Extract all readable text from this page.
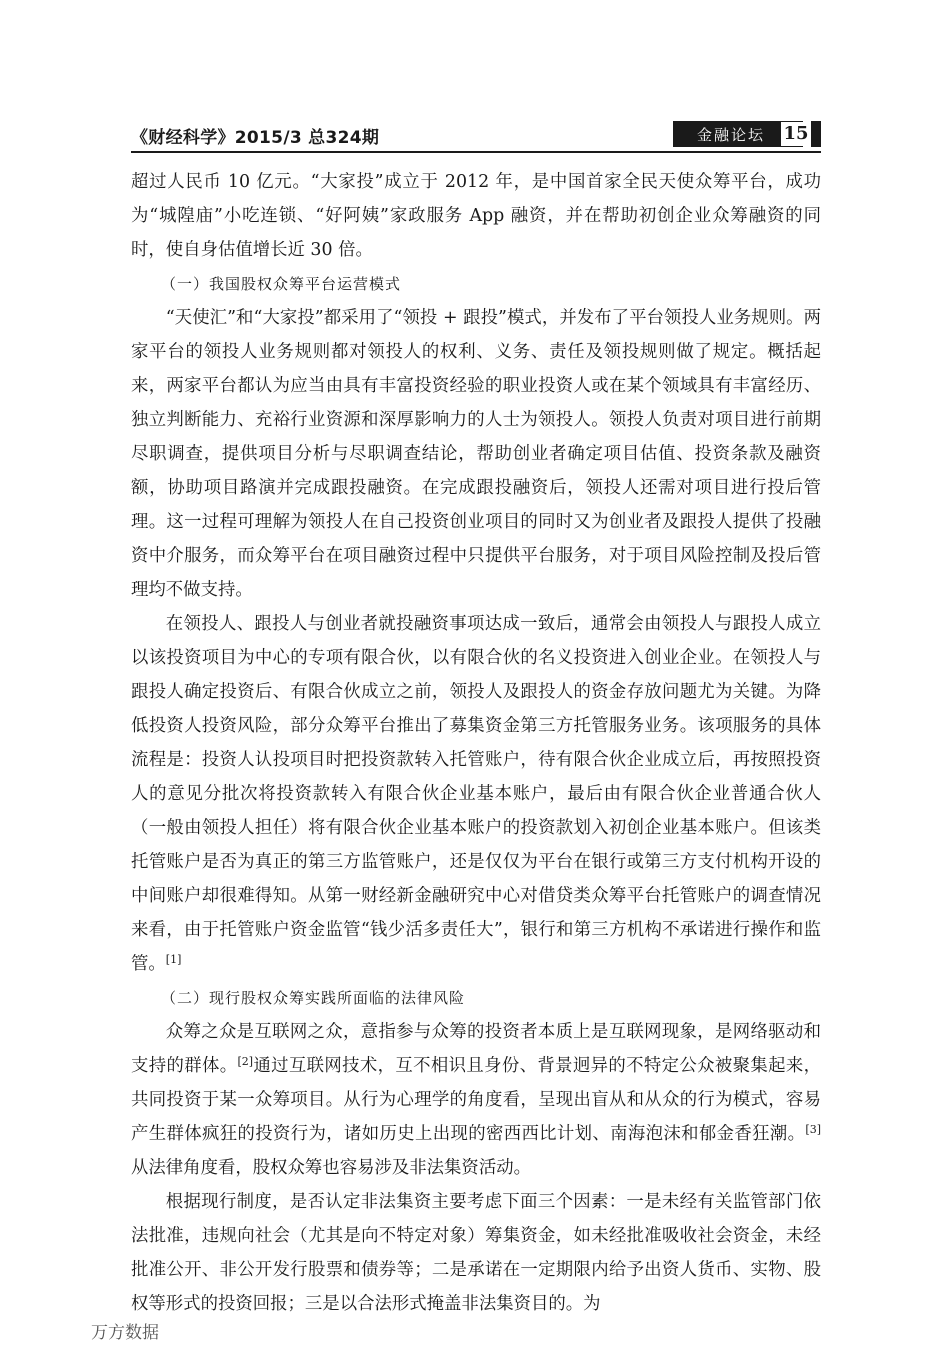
《财经科学》2015/3 总324期	金融论坛	15

超过人民币 10 亿元。“大家投”成立于 2012 年，是中国首家全民天使众筹平台，成功为“城隍庙”小吃连锁、“好阿姨”家政服务 App 融资，并在帮助初创企业众筹融资的同时，使自身估值增长近 30 倍。

（一）我国股权众筹平台运营模式

“天使汇”和“大家投”都采用了“领投 + 跟投”模式，并发布了平台领投人业务规则。两家平台的领投人业务规则都对领投人的权利、义务、责任及领投规则做了规定。概括起来，两家平台都认为应当由具有丰富投资经验的职业投资人或在某个领域具有丰富经历、独立判断能力、充裕行业资源和深厚影响力的人士为领投人。领投人负责对项目进行前期尽职调查，提供项目分析与尽职调查结论，帮助创业者确定项目估值、投资条款及融资额，协助项目路演并完成跟投融资。在完成跟投融资后，领投人还需对项目进行投后管理。这一过程可理解为领投人在自己投资创业项目的同时又为创业者及跟投人提供了投融资中介服务，而众筹平台在项目融资过程中只提供平台服务，对于项目风险控制及投后管理均不做支持。

在领投人、跟投人与创业者就投融资事项达成一致后，通常会由领投人与跟投人成立以该投资项目为中心的专项有限合伙，以有限合伙的名义投资进入创业企业。在领投人与跟投人确定投资后、有限合伙成立之前，领投人及跟投人的资金存放问题尤为关键。为降低投资人投资风险，部分众筹平台推出了募集资金第三方托管服务业务。该项服务的具体流程是：投资人认投项目时把投资款转入托管账户，待有限合伙企业成立后，再按照投资人的意见分批次将投资款转入有限合伙企业基本账户，最后由有限合伙企业普通合伙人（一般由领投人担任）将有限合伙企业基本账户的投资款划入初创企业基本账户。但该类托管账户是否为真正的第三方监管账户，还是仅仅为平台在银行或第三方支付机构开设的中间账户却很难得知。从第一财经新金融研究中心对借贷类众筹平台托管账户的调查情况来看，由于托管账户资金监管“钱少活多责任大”，银行和第三方机构不承诺进行操作和监管。[1]

（二）现行股权众筹实践所面临的法律风险

众筹之众是互联网之众，意指参与众筹的投资者本质上是互联网现象，是网络驱动和支持的群体。[2]通过互联网技术，互不相识且身份、背景迥异的不特定公众被聚集起来，共同投资于某一众筹项目。从行为心理学的角度看，呈现出盲从和从众的行为模式，容易产生群体疯狂的投资行为，诸如历史上出现的密西西比计划、南海泡沫和郁金香狂潮。[3]从法律角度看，股权众筹也容易涉及非法集资活动。

根据现行制度，是否认定非法集资主要考虑下面三个因素：一是未经有关监管部门依法批准，违规向社会（尤其是向不特定对象）筹集资金，如未经批准吸收社会资金，未经批准公开、非公开发行股票和债券等；二是承诺在一定期限内给予出资人货币、实物、股权等形式的投资回报；三是以合法形式掩盖非法集资目的。为

万方数据
